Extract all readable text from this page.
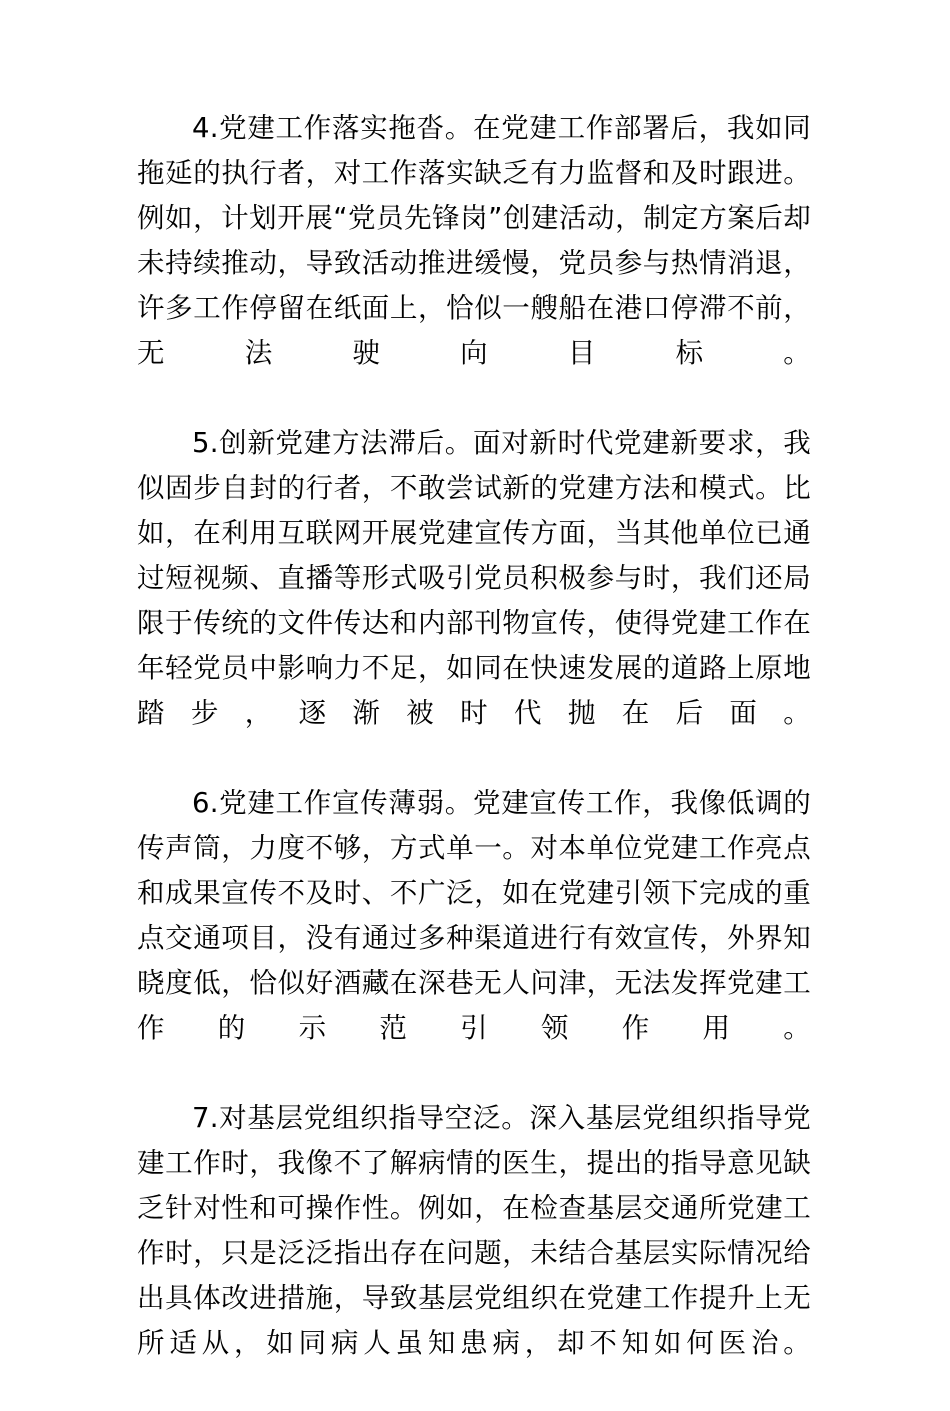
4.党建工作落实拖沓。在党建工作部署后，我如同拖延的执行者，对工作落实缺乏有力监督和及时跟进。例如，计划开展“党员先锋岗”创建活动，制定方案后却未持续推动，导致活动推进缓慢，党员参与热情消退，许多工作停留在纸面上，恰似一艘船在港口停滞不前，无法驶向目标。

5.创新党建方法滞后。面对新时代党建新要求，我似固步自封的行者，不敢尝试新的党建方法和模式。比如，在利用互联网开展党建宣传方面，当其他单位已通过短视频、直播等形式吸引党员积极参与时，我们还局限于传统的文件传达和内部刊物宣传，使得党建工作在年轻党员中影响力不足，如同在快速发展的道路上原地踏步，逐渐被时代抛在后面。

6.党建工作宣传薄弱。党建宣传工作，我像低调的传声筒，力度不够，方式单一。对本单位党建工作亮点和成果宣传不及时、不广泛，如在党建引领下完成的重点交通项目，没有通过多种渠道进行有效宣传，外界知晓度低，恰似好酒藏在深巷无人问津，无法发挥党建工作的示范引领作用。

7.对基层党组织指导空泛。深入基层党组织指导党建工作时，我像不了解病情的医生，提出的指导意见缺乏针对性和可操作性。例如，在检查基层交通所党建工作时，只是泛泛指出存在问题，未结合基层实际情况给出具体改进措施，导致基层党组织在党建工作提升上无所适从，如同病人虽知患病，却不知如何医治。
